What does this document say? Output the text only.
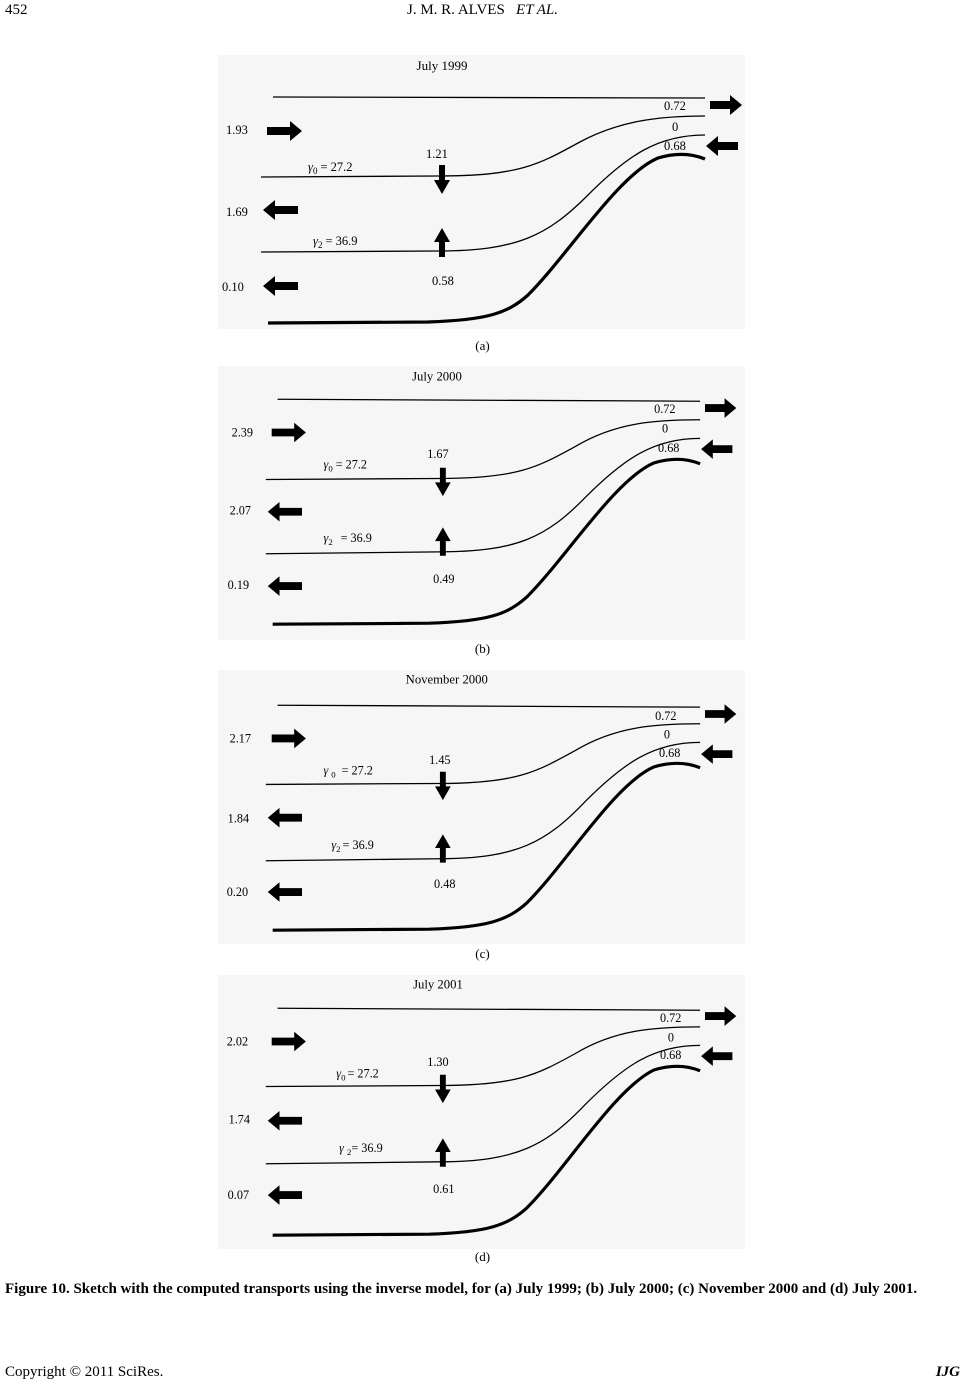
452	J. M. R. ALVES ET AL.
July 1999
1.93
1.69
0.10
$\gamma_0 = 27.2$
$\gamma_2 = 36.9$
1.21
0.58
0.72
0
0.68
(a)
July 2000
2.39
2.07
0.19
$\gamma_0 = 27.2$
$\gamma_2 = 36.9$
1.67
0.49
0.72
0
0.68
(b)
November 2000
2.17
1.84
0.20
γ $_0$ = 27.2
$\gamma_2 = 36.9$
1.45
0.48
0.72
0
0.68
(c)
July 2001
2.02
1.74
0.07
$\gamma_0 = 27.2$
γ $_2$= 36.9
1.30
0.61
0.72
0
0.68
(d)
Figure 10. Sketch with the computed transports using the inverse model, for (a) July 1999; (b) July 2000; (c) November 2000 and (d) July 2001.
Copyright © 2011 SciRes.	IJG
